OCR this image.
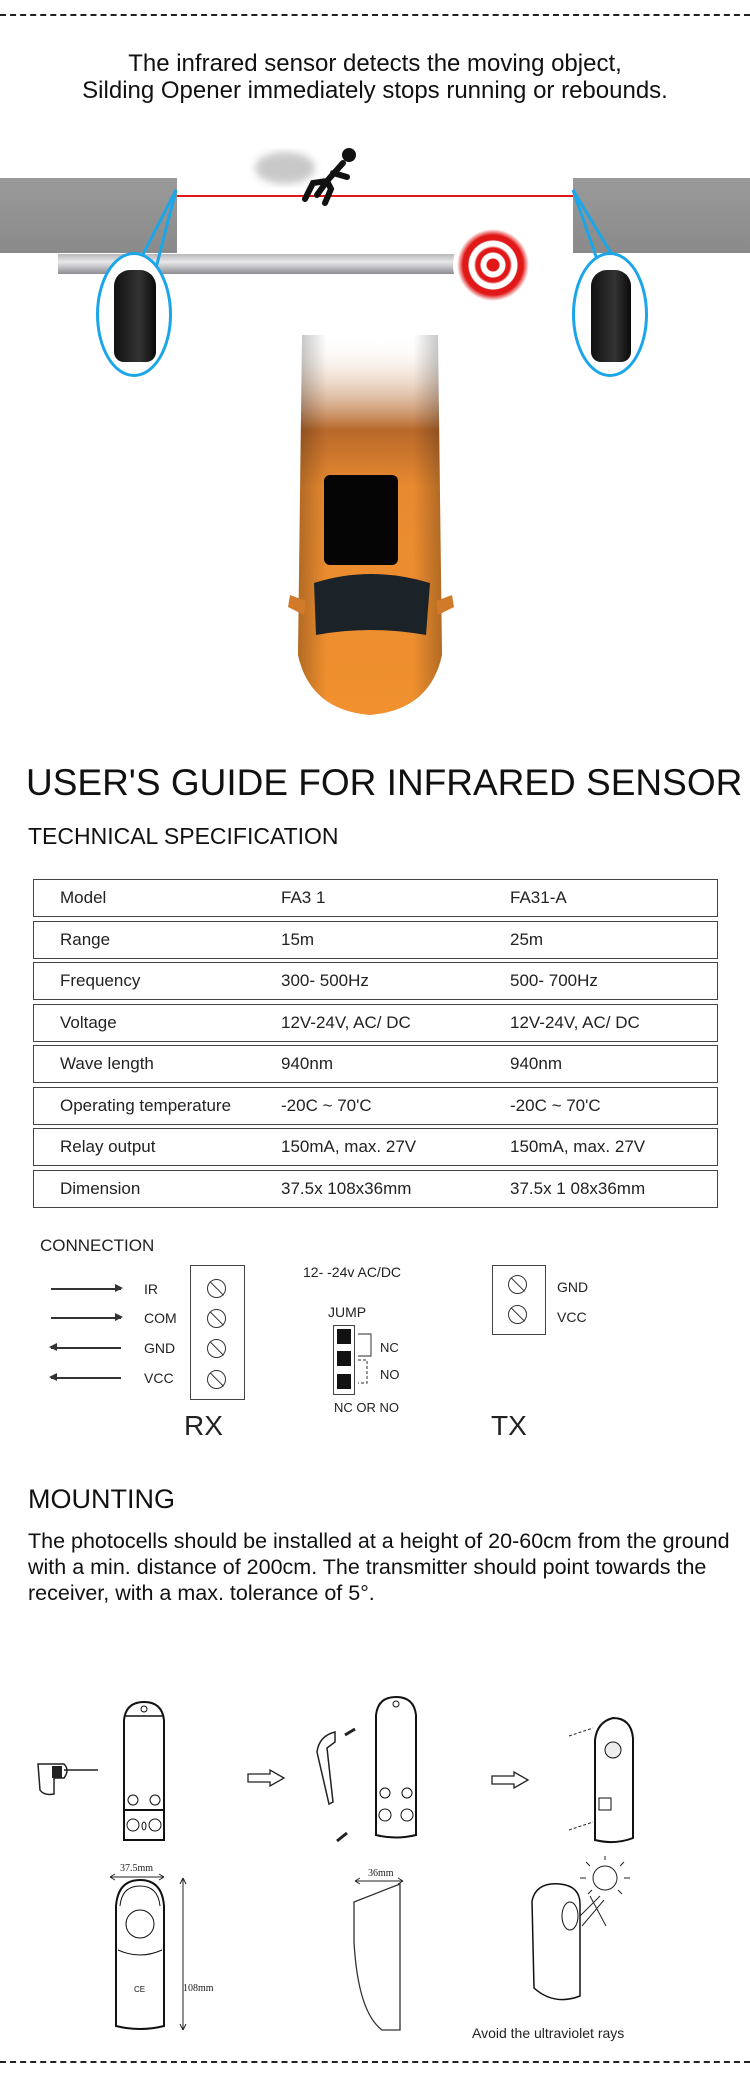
The infrared sensor detects the moving object,
Silding Opener immediately stops running or rebounds.
USER'S GUIDE FOR INFRARED SENSOR
TECHNICAL SPECIFICATION
Model	FA3 1	FA31-A
Range	15m	25m
Frequency	300- 500Hz	500- 700Hz
Voltage	12V-24V, AC/ DC	12V-24V, AC/ DC
Wave length	940nm	940nm
Operating temperature	-20C ~ 70'C	-20C ~ 70'C
Relay output	150mA, max. 27V	150mA, max. 27V
Dimension	37.5x 108x36mm	37.5x 1 08x36mm
CONNECTION
IR
COM
GND
VCC
RX
12- -24v AC/DC
JUMP
NC
NO
NC OR NO
GND
VCC
TX
MOUNTING
The photocells should be installed at a height of 20-60cm from the ground with a min. distance of 200cm. The transmitter should point towards the receiver, with a max. tolerance of 5°.
37.5mm
CE	108mm
36mm
Avoid the ultraviolet rays
